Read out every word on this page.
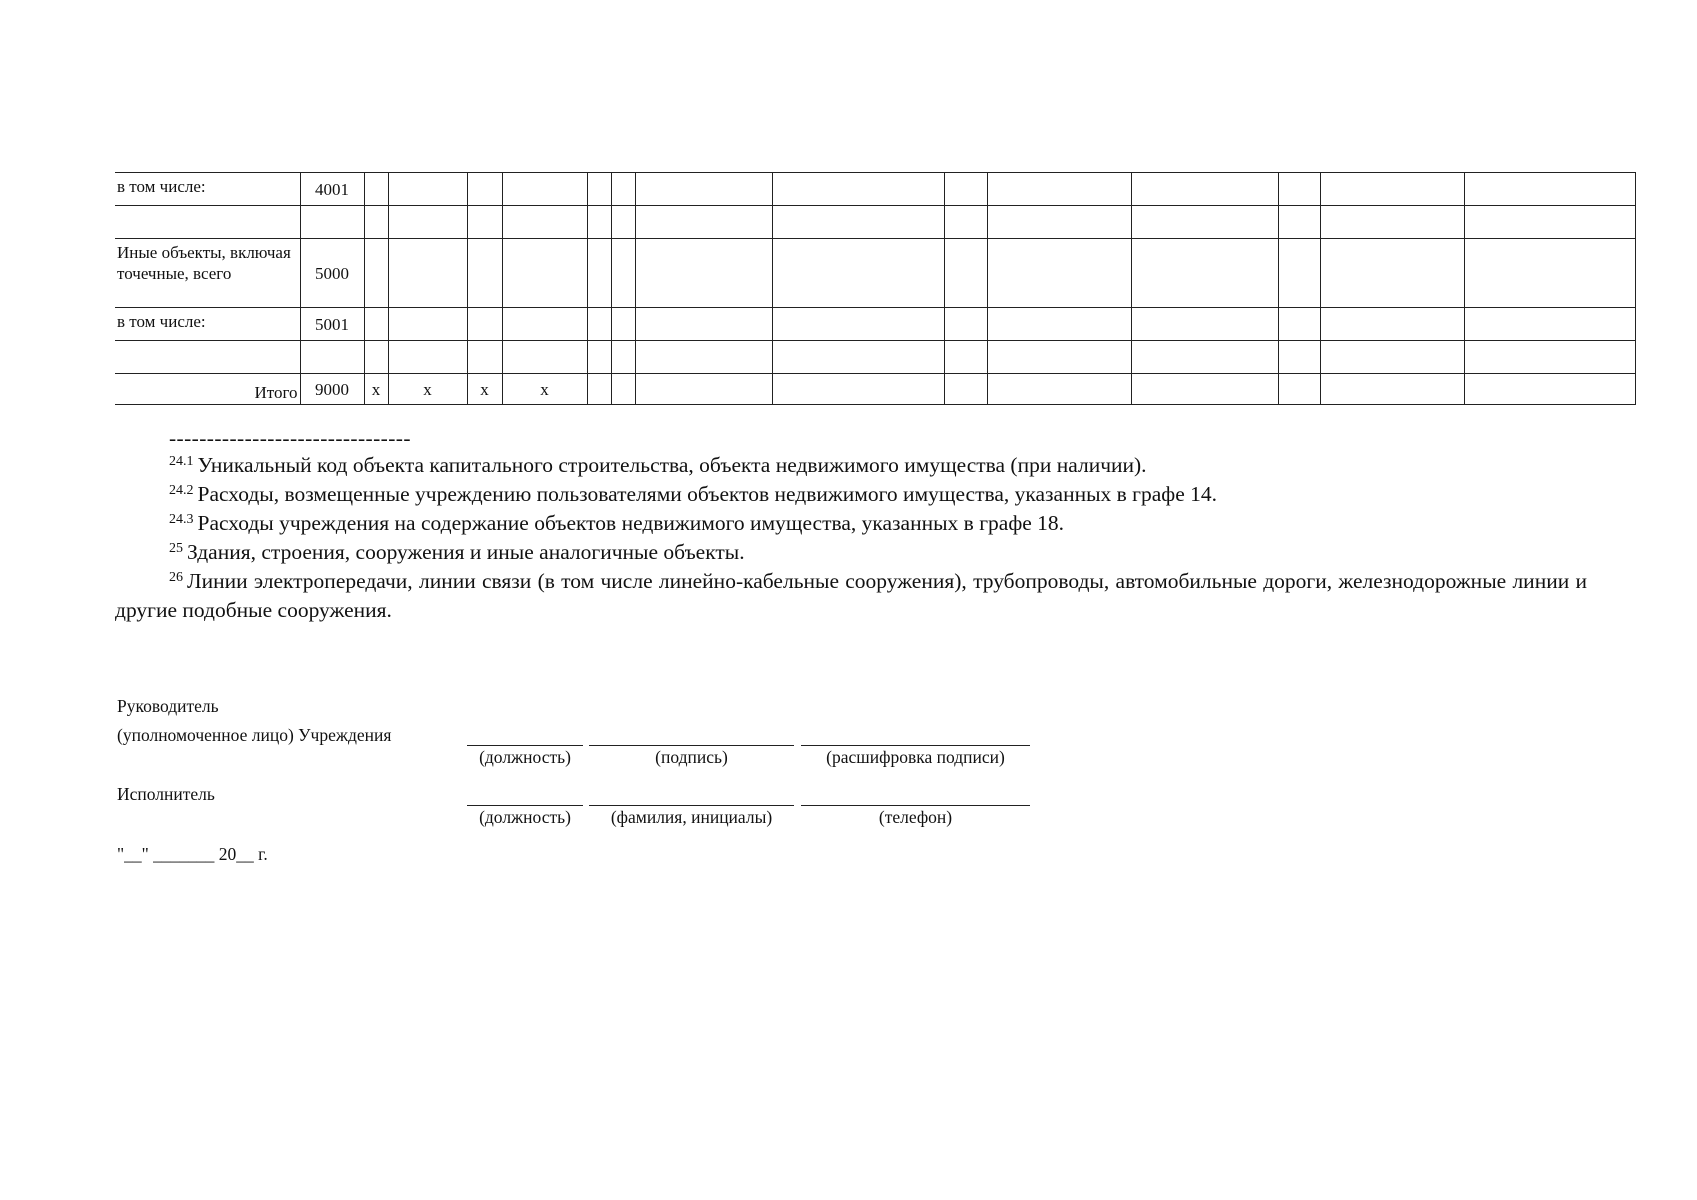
в том числе:	4001														

Иные объекты, включая точечные, всего	5000														
в том числе:	5001														

Итого	9000	x	x	x	x										
--------------------------------
$^{24.1}$ Уникальный код объекта капитального строительства, объекта недвижимого имущества (при наличии).
$^{24.2}$ Расходы, возмещенные учреждению пользователями объектов недвижимого имущества, указанных в графе 14.
$^{24.3}$ Расходы учреждения на содержание объектов недвижимого имущества, указанных в графе 18.
$^{25}$ Здания, строения, сооружения и иные аналогичные объекты.
$^{26}$ Линии электропередачи, линии связи (в том числе линейно-кабельные сооружения), трубопроводы, автомобильные дороги, железнодорожные линии и другие подобные сооружения.
Руководитель
(уполномоченное лицо) Учреждения
(должность)	(подпись)	(расшифровка подписи)
Исполнитель
(должность)	(фамилия, инициалы)	(телефон)
"__" _______ 20__ г.
